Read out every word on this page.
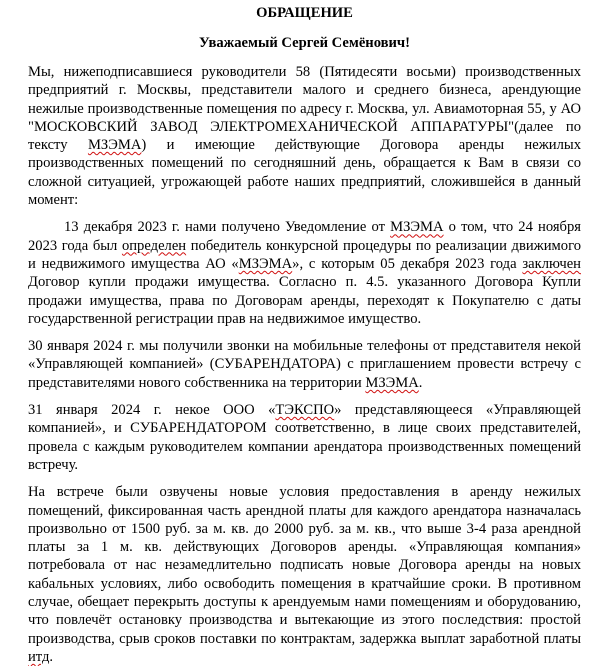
ОБРАЩЕНИЕ
Уважаемый Сергей Семёнович!

Мы, нижеподписавшиеся руководители 58 (Пятидесяти восьми) производственных предприятий г. Москвы, представители малого и среднего бизнеса, арендующие нежилые производственные помещения по адресу г. Москва, ул. Авиамоторная 55, у АО "МОСКОВСКИЙ ЗАВОД ЭЛЕКТРОМЕХАНИЧЕСКОЙ АППАРАТУРЫ"(далее по тексту МЗЭМА) и имеющие действующие Договора аренды нежилых производственных помещений по сегодняшний день, обращается к Вам в связи со сложной ситуацией, угрожающей работе наших предприятий, сложившейся в данный момент:

13 декабря 2023 г. нами получено Уведомление от МЗЭМА о том, что 24 ноября 2023 года был определен победитель конкурсной процедуры по реализации движимого и недвижимого имущества АО «МЗЭМА», с которым 05 декабря 2023 года заключен Договор купли продажи имущества. Согласно п. 4.5. указанного Договора Купли продажи имущества, права по Договорам аренды, переходят к Покупателю с даты государственной регистрации прав на недвижимое имущество.

30 января 2024 г. мы получили звонки на мобильные телефоны от представителя некой «Управляющей компанией» (СУБАРЕНДАТОРА) с приглашением провести встречу с представителями нового собственника на территории МЗЭМА.

31 января 2024 г. некое ООО «ТЭКСПО» представляющееся «Управляющей компанией», и СУБАРЕНДАТОРОМ соответственно, в лице своих представителей, провела с каждым руководителем компании арендатора производственных помещений встречу.

На встрече были озвучены новые условия предоставления в аренду нежилых помещений, фиксированная часть арендной платы для каждого арендатора назначалась произвольно от 1500 руб. за м. кв. до 2000 руб. за м. кв., что выше 3-4 раза арендной платы за 1 м. кв. действующих Договоров аренды. «Управляющая компания» потребовала от нас незамедлительно подписать новые Договора аренды на новых кабальных условиях, либо освободить помещения в кратчайшие сроки. В противном случае, обещает перекрыть доступы к арендуемым нами помещениям и оборудованию, что повлечёт остановку производства и вытекающие из этого последствия: простой производства, срыв сроков поставки по контрактам, задержка выплат заработной платы итд.
